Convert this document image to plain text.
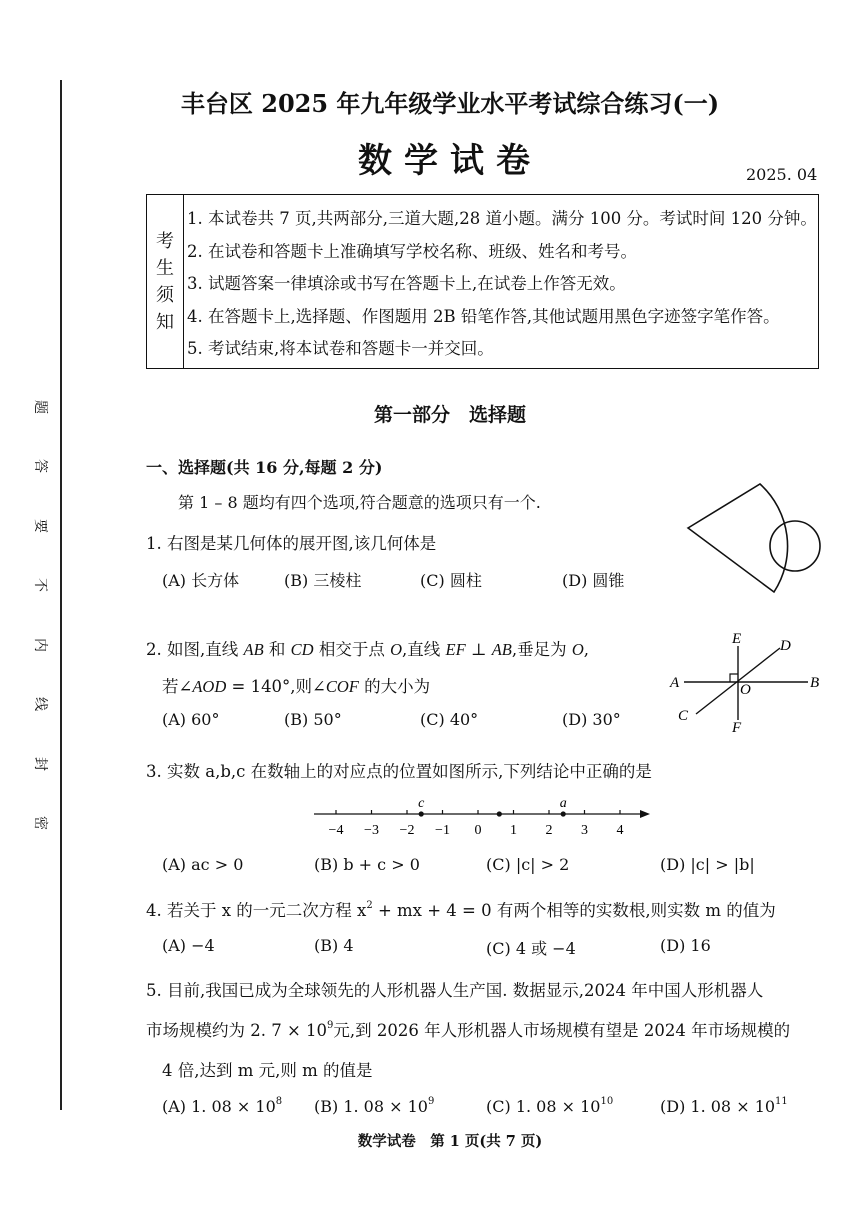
题
答
要
不
内
线
封
密
丰台区 2025 年九年级学业水平考试综合练习(一)
数学试卷	2025. 04
考
生
须
知
1. 本试卷共 7 页,共两部分,三道大题,28 道小题。满分 100 分。考试时间 120 分钟。
2. 在试卷和答题卡上准确填写学校名称、班级、姓名和考号。
3. 试题答案一律填涂或书写在答题卡上,在试卷上作答无效。
4. 在答题卡上,选择题、作图题用 2B 铅笔作答,其他试题用黑色字迹签字笔作答。
5. 考试结束,将本试卷和答题卡一并交回。
第一部分　选择题
一、选择题(共 16 分,每题 2 分)
第 1 – 8 题均有四个选项,符合题意的选项只有一个.
1. 右图是某几何体的展开图,该几何体是
(A) 长方体	(B) 三棱柱	(C) 圆柱	(D) 圆锥
2. 如图,直线 AB 和 CD 相交于点 O,直线 EF ⊥ AB,垂足为 O,
若∠AOD = 140°,则∠COF 的大小为
(A) 60°	(B) 50°	(C) 40°	(D) 30°
E	D
A	O	B
C
F
3. 实数 a,b,c 在数轴上的对应点的位置如图所示,下列结论中正确的是
−4 −3 −2 −1 0 1 2 3 4
c	a
(A) ac > 0	(B) b + c > 0	(C) |c| > 2	(D) |c| > |b|
4. 若关于 x 的一元二次方程 $x^2$ + mx + 4 = 0 有两个相等的实数根,则实数 m 的值为
(A) −4	(B) 4	(C) 4 或 −4	(D) 16
5. 目前,我国已成为全球领先的人形机器人生产国. 数据显示,2024 年中国人形机器人
市场规模约为 2. $7 \times 10^9$元,到 2026 年人形机器人市场规模有望是 2024 年市场规模的
4 倍,达到 m 元,则 m 的值是
(A) 1. $08 \times 10^8$ (B) 1. $08 \times 10^9$	(C) 1. $08 \times 10^{10}$	(D) 1. $08 \times 10^{11}$
数学试卷　第 1 页(共 7 页)
